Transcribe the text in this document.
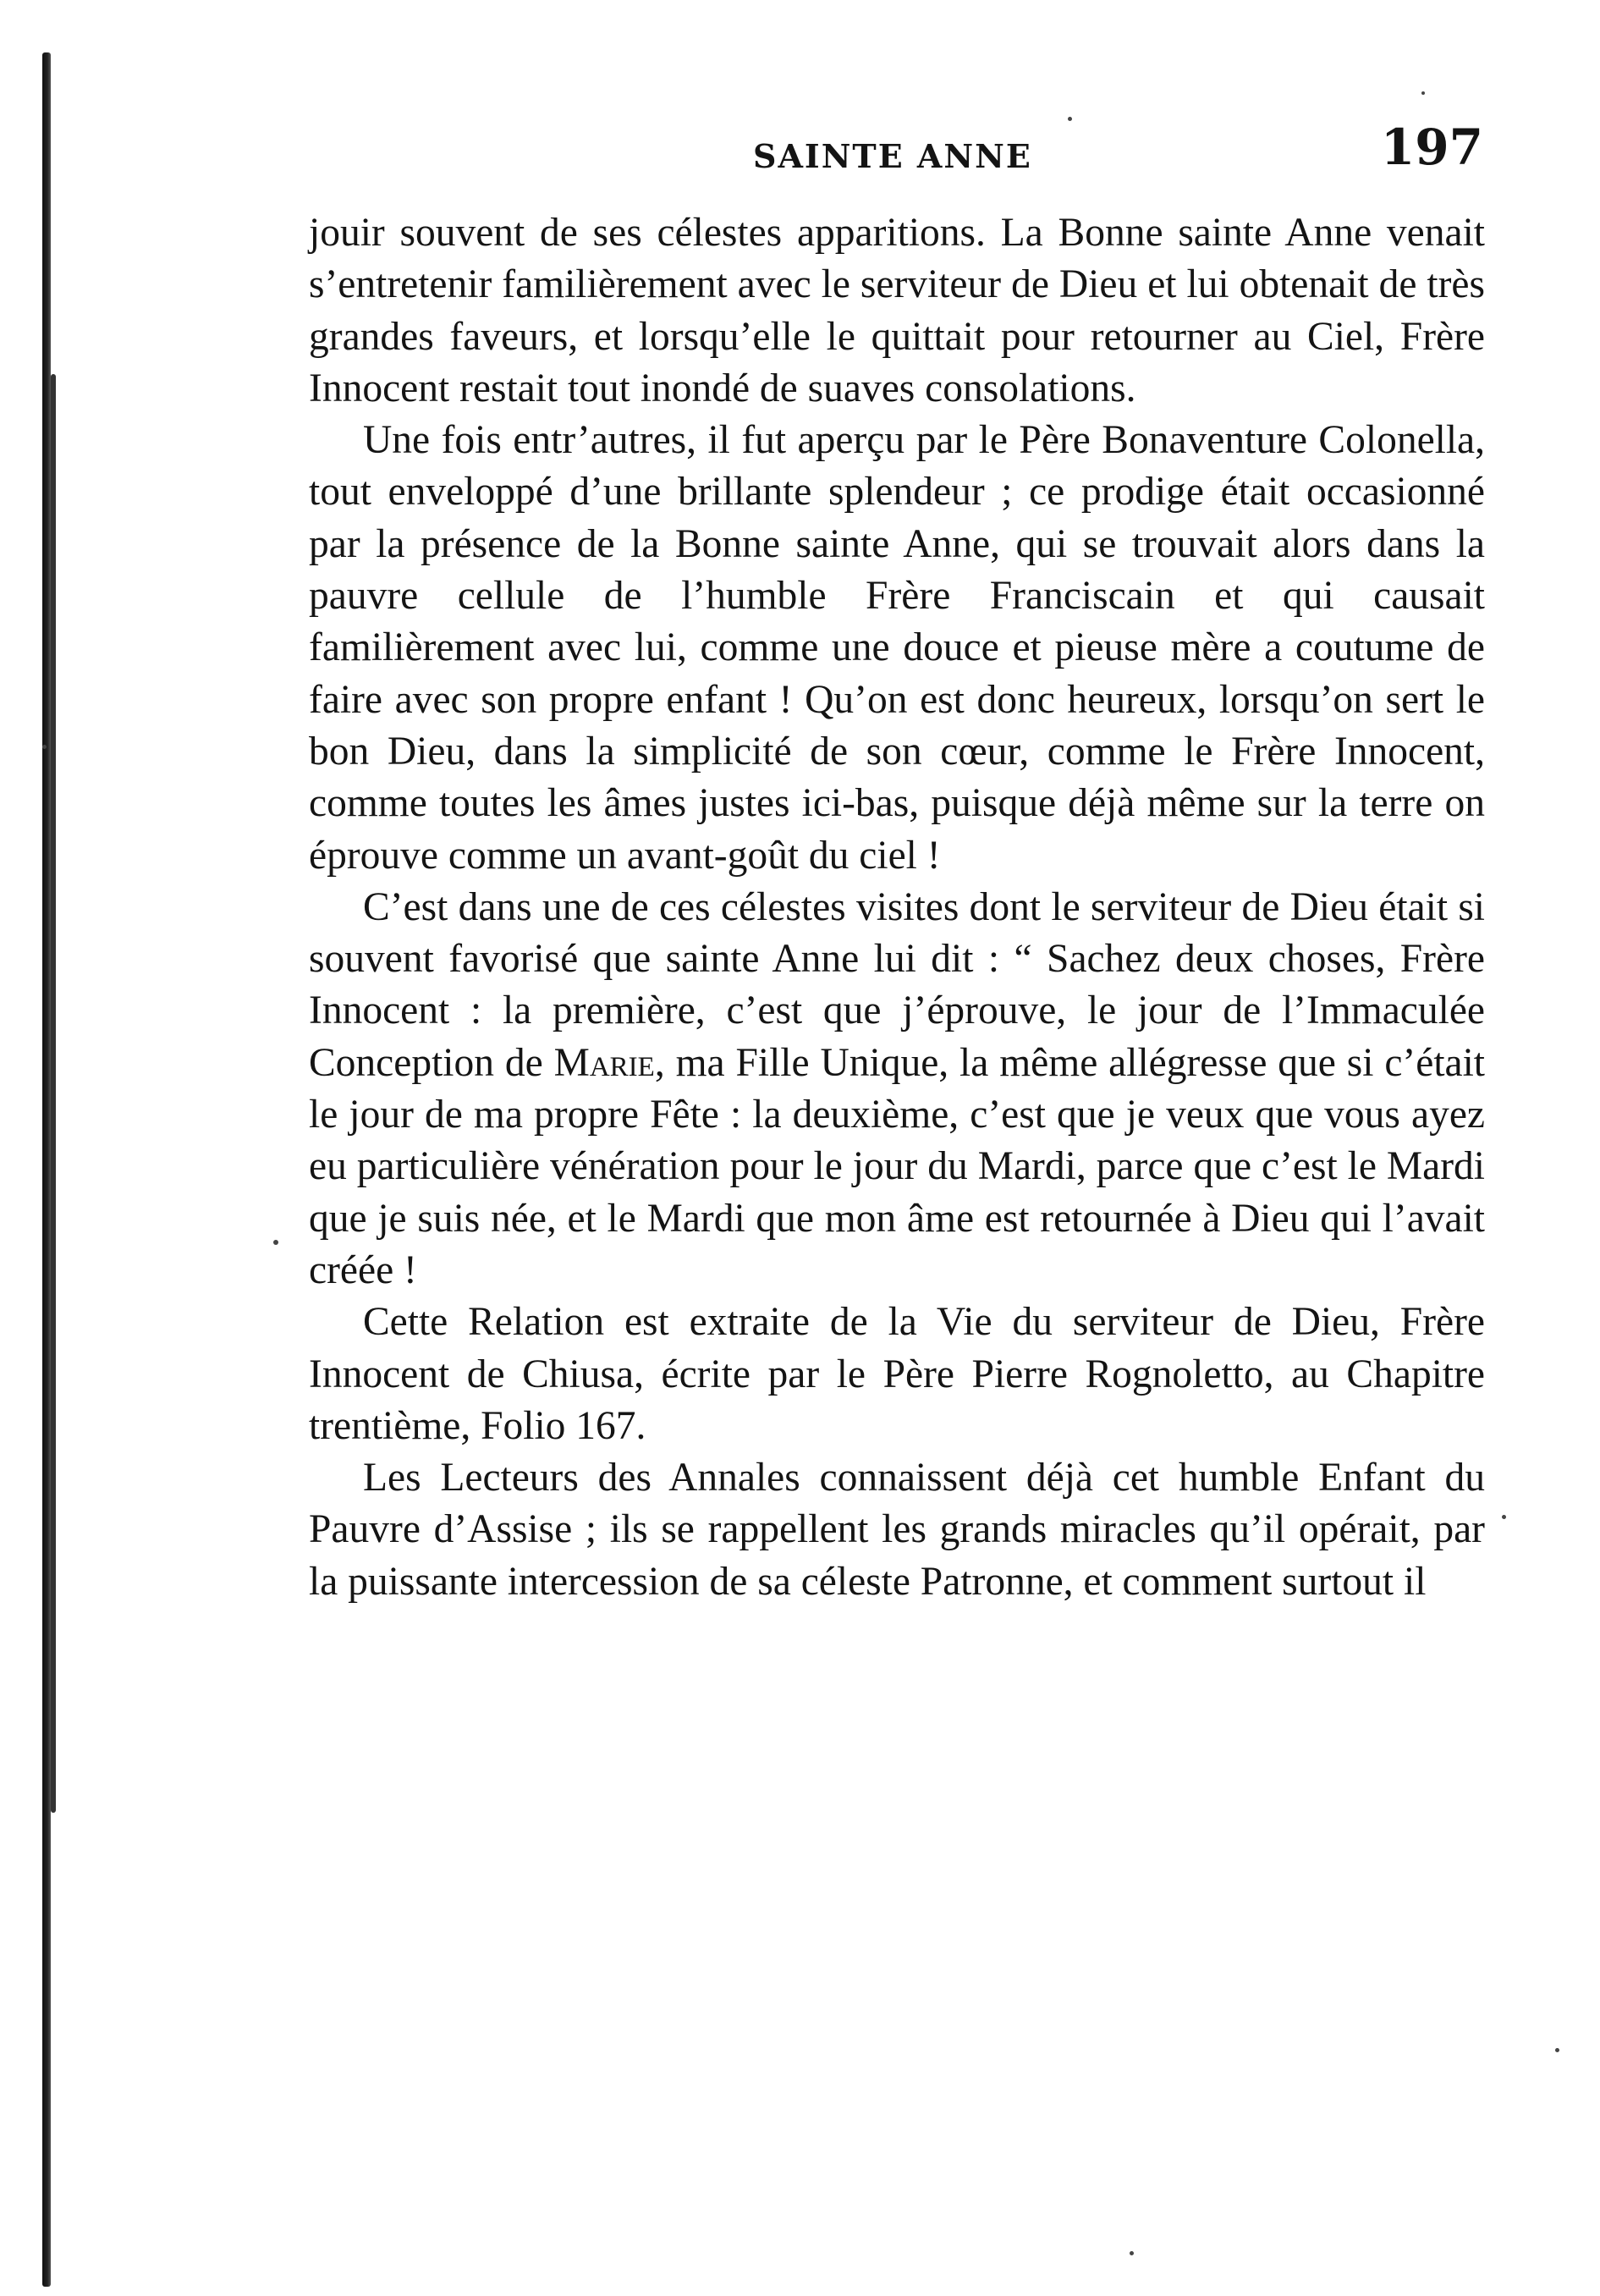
SAINTE ANNE	197

jouir souvent de ses célestes apparitions. La Bonne sainte Anne venait s’entretenir familièrement avec le serviteur de Dieu et lui obtenait de très grandes faveurs, et lorsqu’elle le quittait pour retourner au Ciel, Frère Innocent restait tout inondé de suaves consolations.

Une fois entr’autres, il fut aperçu par le Père Bonaventure Colonella, tout enveloppé d’une brillante splendeur ; ce prodige était occasionné par la présence de la Bonne sainte Anne, qui se trouvait alors dans la pauvre cellule de l’humble Frère Franciscain et qui causait familièrement avec lui, comme une douce et pieuse mère a coutume de faire avec son propre enfant ! Qu’on est donc heureux, lorsqu’on sert le bon Dieu, dans la simplicité de son cœur, comme le Frère Innocent, comme toutes les âmes justes ici-bas, puisque déjà même sur la terre on éprouve comme un avant-goût du ciel !

C’est dans une de ces célestes visites dont le serviteur de Dieu était si souvent favorisé que sainte Anne lui dit : “ Sachez deux choses, Frère Innocent : la première, c’est que j’éprouve, le jour de l’Immaculée Conception de Marie, ma Fille Unique, la même allégresse que si c’était le jour de ma propre Fête : la deuxième, c’est que je veux que vous ayez eu particulière vénération pour le jour du Mardi, parce que c’est le Mardi que je suis née, et le Mardi que mon âme est retournée à Dieu qui l’avait créée !

Cette Relation est extraite de la Vie du serviteur de Dieu, Frère Innocent de Chiusa, écrite par le Père Pierre Rognoletto, au Chapitre trentième, Folio 167.

Les Lecteurs des Annales connaissent déjà cet humble Enfant du Pauvre d’Assise ; ils se rappellent les grands miracles qu’il opérait, par la puissante intercession de sa céleste Patronne, et comment surtout il
